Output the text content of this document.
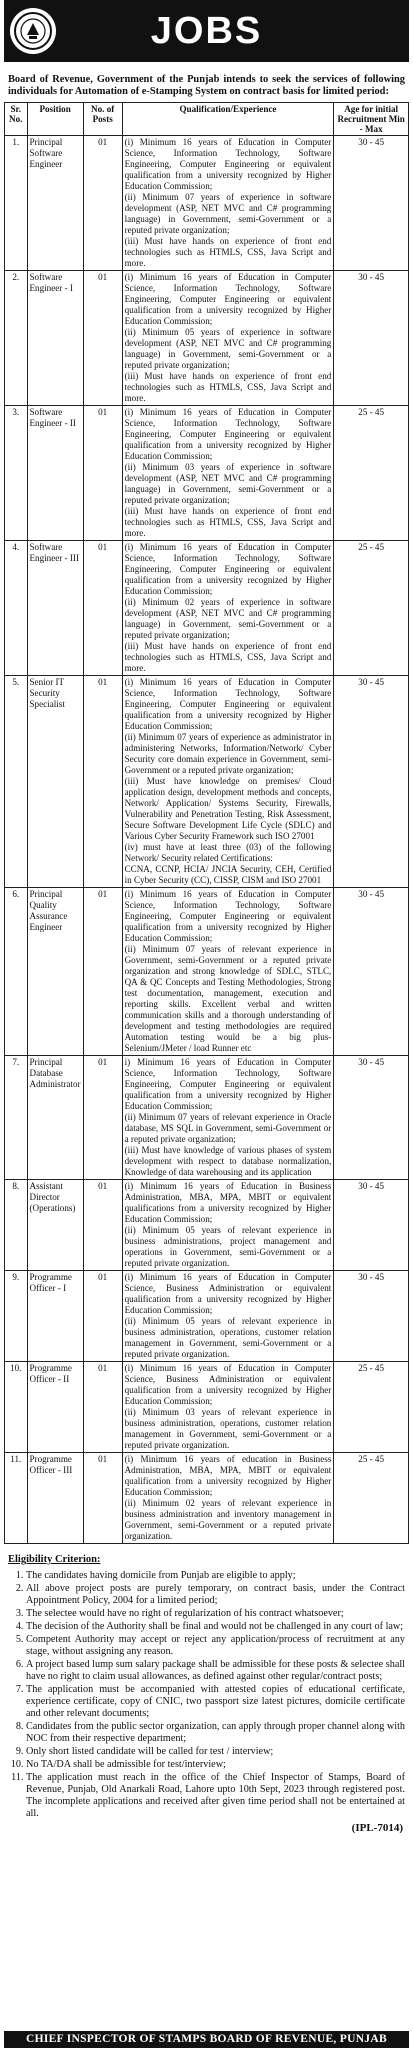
JOBS
Board of Revenue, Government of the Punjab intends to seek the services of following individuals for Automation of e-Stamping System on contract basis for limited period:
Sr. No.	Position	No. of Posts	Qualification/Experience	Age for initial Recruitment Min - Max
1.	Principal Software Engineer	01	(i) Minimum 16 years of Education in Computer Science, Information Technology, Software Engineering, Computer Engineering or equivalent qualification from a university recognized by Higher Education Commission;
(ii) Minimum 07 years of experience in software development (ASP, NET MVC and C# programming language) in Government, semi-Government or a reputed private organization;
(iii) Must have hands on experience of front end technologies such as HTMLS, CSS, Java Script and more.	30 - 45
2.	Software Engineer - I	01	(i) Minimum 16 years of Education in Computer Science, Information Technology, Software Engineering, Computer Engineering or equivalent qualification from a university recognized by Higher Education Commission;
(ii) Minimum 05 years of experience in software development (ASP, NET MVC and C# programming language) in Government, semi-Government or a reputed private organization;
(iii) Must have hands on experience of front end technologies such as HTMLS, CSS, Java Script and more.	30 - 45
3.	Software Engineer - II	01	(i) Minimum 16 years of Education in Computer Science, Information Technology, Software Engineering, Computer Engineering or equivalent qualification from a university recognized by Higher Education Commission;
(ii) Minimum 03 years of experience in software development (ASP, NET MVC and C# programming language) in Government, semi-Government or a reputed private organization;
(iii) Must have hands on experience of front end technologies such as HTMLS, CSS, Java Script and more.	25 - 45
4.	Software Engineer - III	01	(i) Minimum 16 years of Education in Computer Science, Information Technology, Software Engineering, Computer Engineering or equivalent qualification from a university recognized by Higher Education Commission;
(ii) Minimum 02 years of experience in software development (ASP, NET MVC and C# programming language) in Government, semi-Government or a reputed private organization;
(iii) Must have hands on experience of front end technologies such as HTMLS, CSS, Java Script and more.	25 - 45
5.	Senior IT Security Specialist	01	(i) Minimum 16 years of Education in Computer Science, Information Technology, Software Engineering, Computer Engineering or equivalent qualification from a university recognized by Higher Education Commission;
(ii) Minimum 07 years of experience as administrator in administering Networks, Information/Network/ Cyber Security core domain experience in Government, semi-Government or a reputed private organization;
(iii) Must have knowledge on premises/ Cloud application design, development methods and concepts, Network/ Application/ Systems Security, Firewalls, Vulnerability and Penetration Testing, Risk Assessment, Secure Software Development Life Cycle (SDLC) and Various Cyber Security Framework such ISO 27001
(iv) must have at least three (03) of the following Network/ Security related Certifications:
CCNA, CCNP, HCIA/ JNCIA Security, CEH, Certified in Cyber Security (CC), CISSP, CISM and ISO 27001	30 - 45
6.	Principal Quality Assurance Engineer	01	(i) Minimum 16 years of Education in Computer Science, Information Technology, Software Engineering, Computer Engineering or equivalent qualification from a university recognized by Higher Education Commission;
(ii) Minimum 07 years of relevant experience in Government, semi-Government or a reputed private organization and strong knowledge of SDLC, STLC, QA & QC Concepts and Testing Methodologies, Strong test documentation, management, execution and reporting skills. Excellent verbal and written communication skills and a thorough understanding of development and testing methodologies are required Automation testing would be a big plus-Selenium/JMeter / load Runner etc	30 - 45
7.	Principal Database Administrator	01	i) Minimum 16 years of Education in Computer Science, Information Technology, Software Engineering, Computer Engineering or equivalent qualification from a university recognized by Higher Education Commission;
(ii) Minimum 07 years of relevant experience in Oracle database, MS SQL in Government, semi-Government or a reputed private organization;
(iii) Must have knowledge of various phases of system development with respect to database normalization, Knowledge of data warehousing and its application	30 - 45
8.	Assistant Director (Operations)	01	(i) Minimum 16 years of Education in Business Administration, MBA, MPA, MBIT or equivalent qualifications from a university recognized by Higher Education Commission;
(ii) Minimum 05 years of relevant experience in business administrations, project management and operations in Government, semi-Government or a reputed private organization.	30 - 45
9.	Programme Officer - I	01	(i) Minimum 16 years of Education in Computer Science, Business Administration or equivalent qualification from a university recognized by Higher Education Commission;
(ii) Minimum 05 years of relevant experience in business administration, operations, customer relation management in Government, semi-Government or a reputed private organization.	30 - 45
10.	Programme Officer - II	01	(i) Minimum 16 years of Education in Computer Science, Business Administration or equivalent qualification from a university recognized by Higher Education Commission;
(ii) Minimum 03 years of relevant experience in business administration, operations, customer relation management in Government, semi-Government or a reputed private organization.	25 - 45
11.	Programme Officer - III	01	(i) Minimum 16 years of education in Business Administration, MBA, MPA, MBIT or equivalent qualification from a university recognized by Higher Education Commission;
(ii) Minimum 02 years of relevant experience in business administration and inventory management in Government, semi-Government or a reputed private organization.	25 - 45
Eligibility Criterion:
1. The candidates having domicile from Punjab are eligible to apply;
2. All above project posts are purely temporary, on contract basis, under the Contract Appointment Policy, 2004 for a limited period;
3. The selectee would have no right of regularization of his contract whatsoever;
4. The decision of the Authority shall be final and would not be challenged in any court of law;
5. Competent Authority may accept or reject any application/process of recruitment at any stage, without assigning any reason.
6. A project based lump sum salary package shall be admissible for these posts & selectee shall have no right to claim usual allowances, as defined against other regular/contract posts;
7. The application must be accompanied with attested copies of educational certificate, experience certificate, copy of CNIC, two passport size latest pictures, domicile certificate and other relevant documents;
8. Candidates from the public sector organization, can apply through proper channel along with NOC from their respective department;
9. Only short listed candidate will be called for test / interview;
10. No TA/DA shall be admissible for test/interview;
11. The application must reach in the office of the Chief Inspector of Stamps, Board of Revenue, Punjab, Old Anarkali Road, Lahore upto 10th Sept, 2023 through registered post. The incomplete applications and received after given time period shall not be entertained at all.
(IPL-7014)
CHIEF INSPECTOR OF STAMPS BOARD OF REVENUE, PUNJAB
